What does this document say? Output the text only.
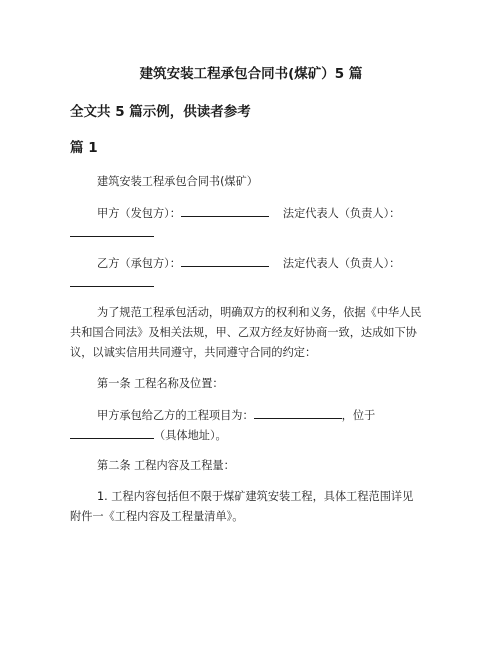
建筑安装工程承包合同书(煤矿）5 篇
全文共 5 篇示例，供读者参考
篇 1
建筑安装工程承包合同书(煤矿）
甲方（发包方）：	法定代表人（负责人）：
乙方（承包方）：	法定代表人（负责人）：
为了规范工程承包活动，明确双方的权利和义务，依据《中华人民
共和国合同法》及相关法规，甲、乙双方经友好协商一致，达成如下协
议，以诚实信用共同遵守，共同遵守合同的约定：
第一条 工程名称及位置：
甲方承包给乙方的工程项目为：	，位于
（具体地址）。
第二条 工程内容及工程量：
1. 工程内容包括但不限于煤矿建筑安装工程，具体工程范围详见
附件一《工程内容及工程量清单》。
